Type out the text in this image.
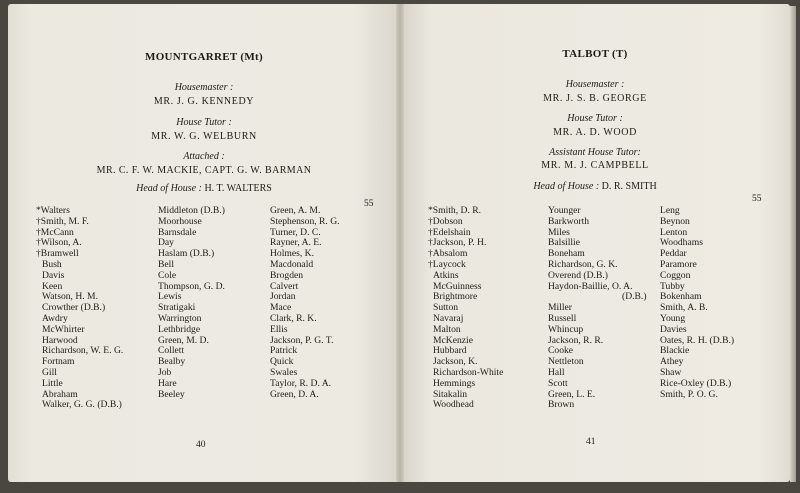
MOUNTGARRET (Mt)
Housemaster :
MR. J. G. KENNEDY
House Tutor :
MR. W. G. WELBURN
Attached :
MR. C. F. W. MACKIE, CAPT. G. W. BARMAN
Head of House : H. T. WALTERS
55
*Walters
†Smith, M. F.
†McCann
†Wilson, A.
†Bramwell
Bush
Davis
Keen
Watson, H. M.
Crowther (D.B.)
Awdry
McWhirter
Harwood
Richardson, W. E. G.
Fortnam
Gill
Little
Abraham
Walker, G. G. (D.B.)
Middleton (D.B.)
Moorhouse
Barnsdale
Day
Haslam (D.B.)
Bell
Cole
Thompson, G. D.
Lewis
Stratigaki
Warrington
Lethbridge
Green, M. D.
Collett
Bealby
Job
Hare
Beeley
Green, A. M.
Stephenson, R. G.
Turner, D. C.
Rayner, A. E.
Holmes, K.
Macdonald
Brogden
Calvert
Jordan
Mace
Clark, R. K.
Ellis
Jackson, P. G. T.
Patrick
Quick
Swales
Taylor, R. D. A.
Green, D. A.
40
TALBOT (T)
Housemaster :
MR. J. S. B. GEORGE
House Tutor :
MR. A. D. WOOD
Assistant House Tutor:
MR. M. J. CAMPBELL
Head of House : D. R. SMITH
55
*Smith, D. R.
†Dobson
†Edelshain
†Jackson, P. H.
†Absalom
†Laycock
Atkins
McGuinness
Brightmore
Sutton
Navaraj
Malton
McKenzie
Hubbard
Jackson, K.
Richardson-White
Hemmings
Sitakalin
Woodhead
Younger
Barkworth
Miles
Balsillie
Boneham
Richardson, G. K.
Overend (D.B.)
Haydon-Baillie, O. A.
(D.B.)
Miller
Russell
Whincup
Jackson, R. R.
Cooke
Nettleton
Hall
Scott
Green, L. E.
Brown
Leng
Beynon
Lenton
Woodhams
Peddar
Paramore
Coggon
Tubby
Bokenham
Smith, A. B.
Young
Davies
Oates, R. H. (D.B.)
Blackie
Athey
Shaw
Rice-Oxley (D.B.)
Smith, P. O. G.
41
